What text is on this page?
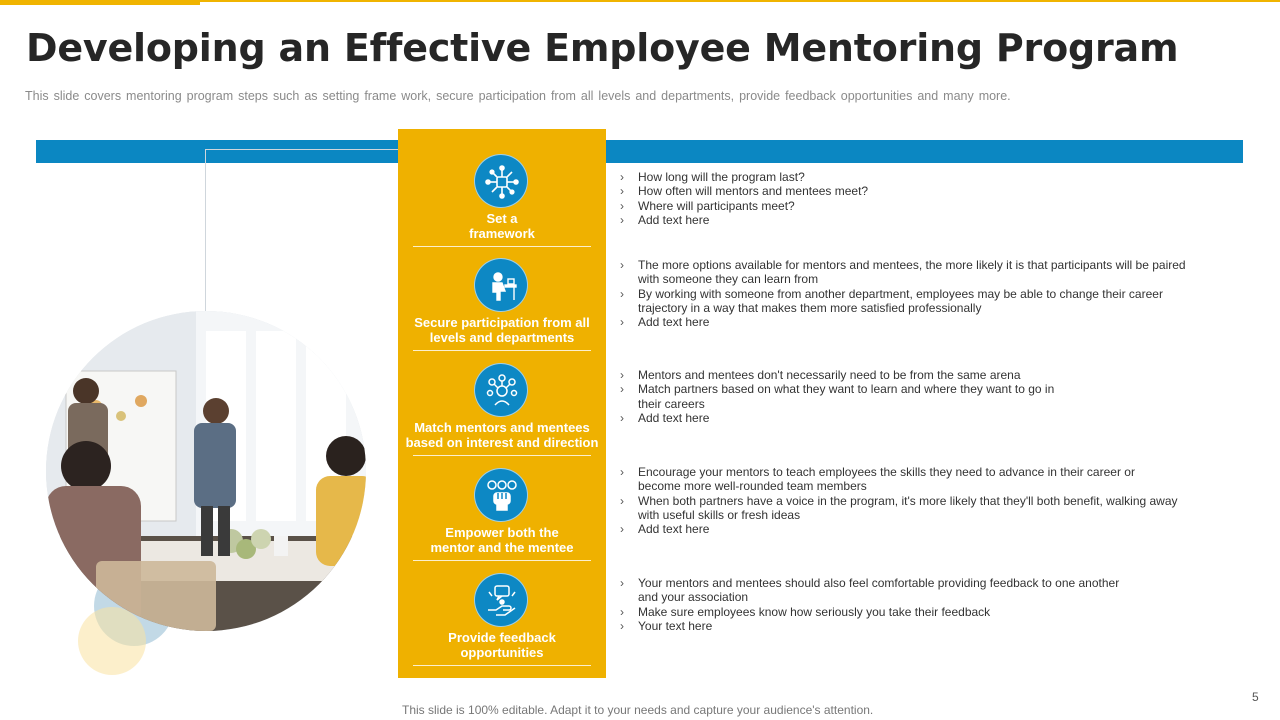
Developing an Effective Employee Mentoring Program

This slide covers mentoring program steps such as setting frame work, secure participation from all levels and departments, provide feedback opportunities and many more.

Set a
framework
Secure participation from all
levels and departments
Match mentors and mentees
based on interest and direction
Empower both the
mentor and the mentee
Provide feedback
opportunities
› How long will the program last?
› How often will mentors and mentees meet?
› Where will participants meet?
› Add text here
› The more options available for mentors and mentees, the more likely it is that participants will be paired
with someone they can learn from
› By working with someone from another department, employees may be able to change their career
trajectory in a way that makes them more satisfied professionally
› Add text here
› Mentors and mentees don't necessarily need to be from the same arena
› Match partners based on what they want to learn and where they want to go in
their careers
› Add text here
› Encourage your mentors to teach employees the skills they need to advance in their career or
become more well-rounded team members
› When both partners have a voice in the program, it's more likely that they'll both benefit, walking away
with useful skills or fresh ideas
› Add text here
› Your mentors and mentees should also feel comfortable providing feedback to one another
and your association
› Make sure employees know how seriously you take their feedback
› Your text here
This slide is 100% editable. Adapt it to your needs and capture your audience's attention.
5
